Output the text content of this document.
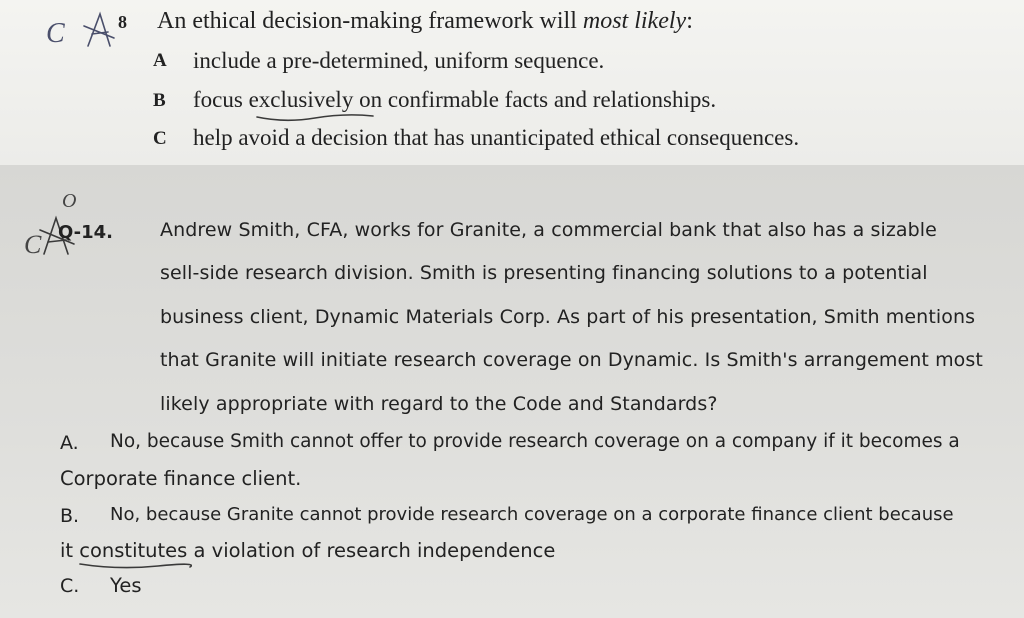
C	8 An ethical decision-making framework will most likely:
A include a pre-determined, uniform sequence.
B focus exclusively on confirmable facts and relationships.
C help avoid a decision that has unanticipated ethical consequences.
O
C Q-14. Andrew Smith, CFA, works for Granite, a commercial bank that also has a sizable
sell-side research division. Smith is presenting financing solutions to a potential
business client, Dynamic Materials Corp. As part of his presentation, Smith mentions
that Granite will initiate research coverage on Dynamic. Is Smith's arrangement most
likely appropriate with regard to the Code and Standards?
A. No, because Smith cannot offer to provide research coverage on a company if it becomes a
Corporate finance client.
B. No, because Granite cannot provide research coverage on a corporate finance client because
it constitutes a violation of research independence
C. Yes
